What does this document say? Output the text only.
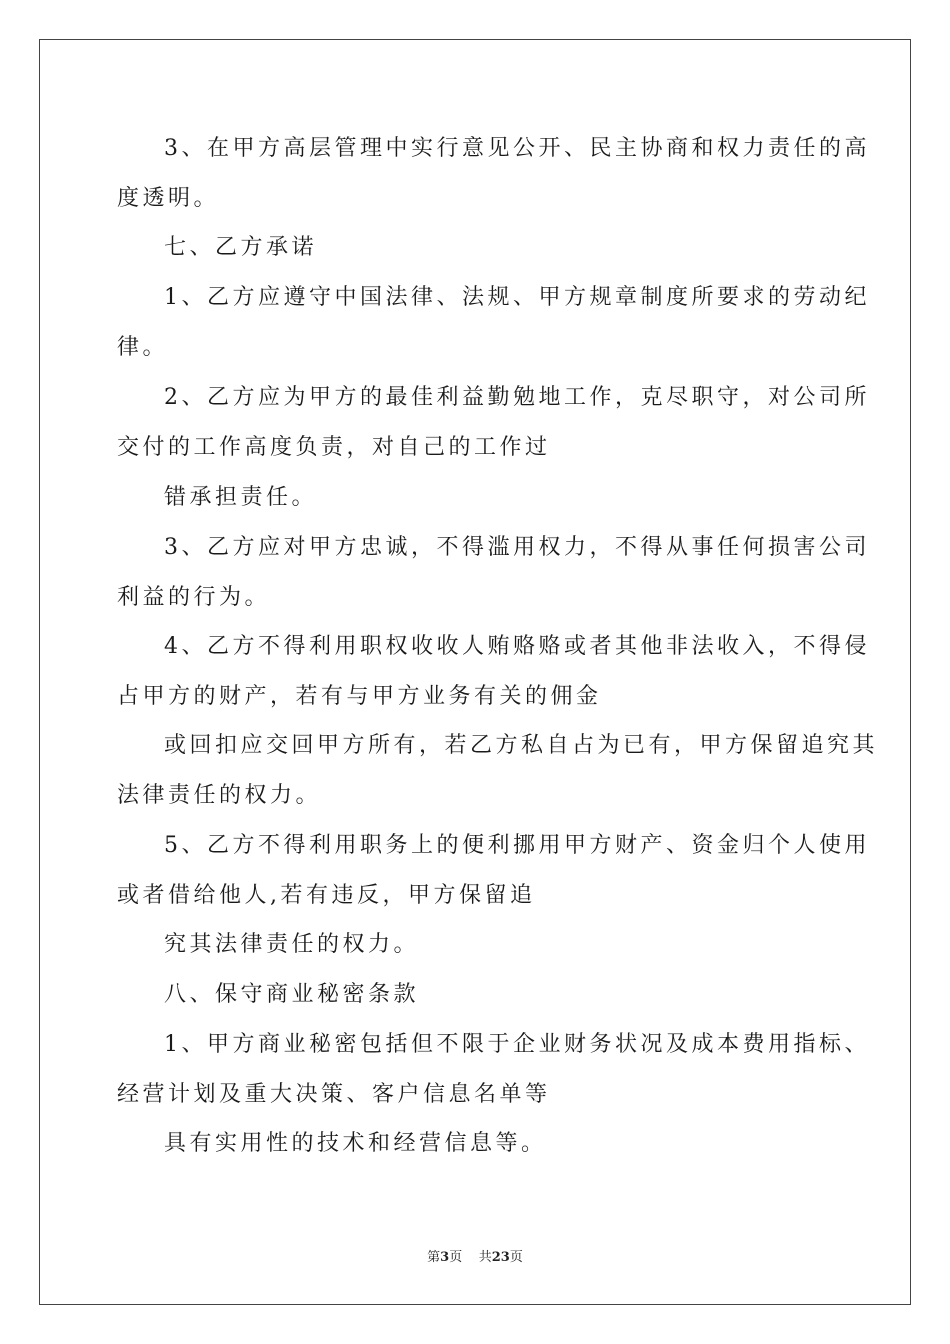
3、在甲方高层管理中实行意见公开、民主协商和权力责任的高
度透明。
七、乙方承诺
1、乙方应遵守中国法律、法规、甲方规章制度所要求的劳动纪
律。
2、乙方应为甲方的最佳利益勤勉地工作，克尽职守，对公司所
交付的工作高度负责，对自己的工作过
错承担责任。
3、乙方应对甲方忠诚，不得滥用权力，不得从事任何损害公司
利益的行为。
4、乙方不得利用职权收收人贿赂赂或者其他非法收入，不得侵
占甲方的财产，若有与甲方业务有关的佣金
或回扣应交回甲方所有，若乙方私自占为已有，甲方保留追究其
法律责任的权力。
5、乙方不得利用职务上的便利挪用甲方财产、资金归个人使用
或者借给他人,若有违反，甲方保留追
究其法律责任的权力。
八、保守商业秘密条款
1、甲方商业秘密包括但不限于企业财务状况及成本费用指标、
经营计划及重大决策、客户信息名单等
具有实用性的技术和经营信息等。
第3页 共23页
